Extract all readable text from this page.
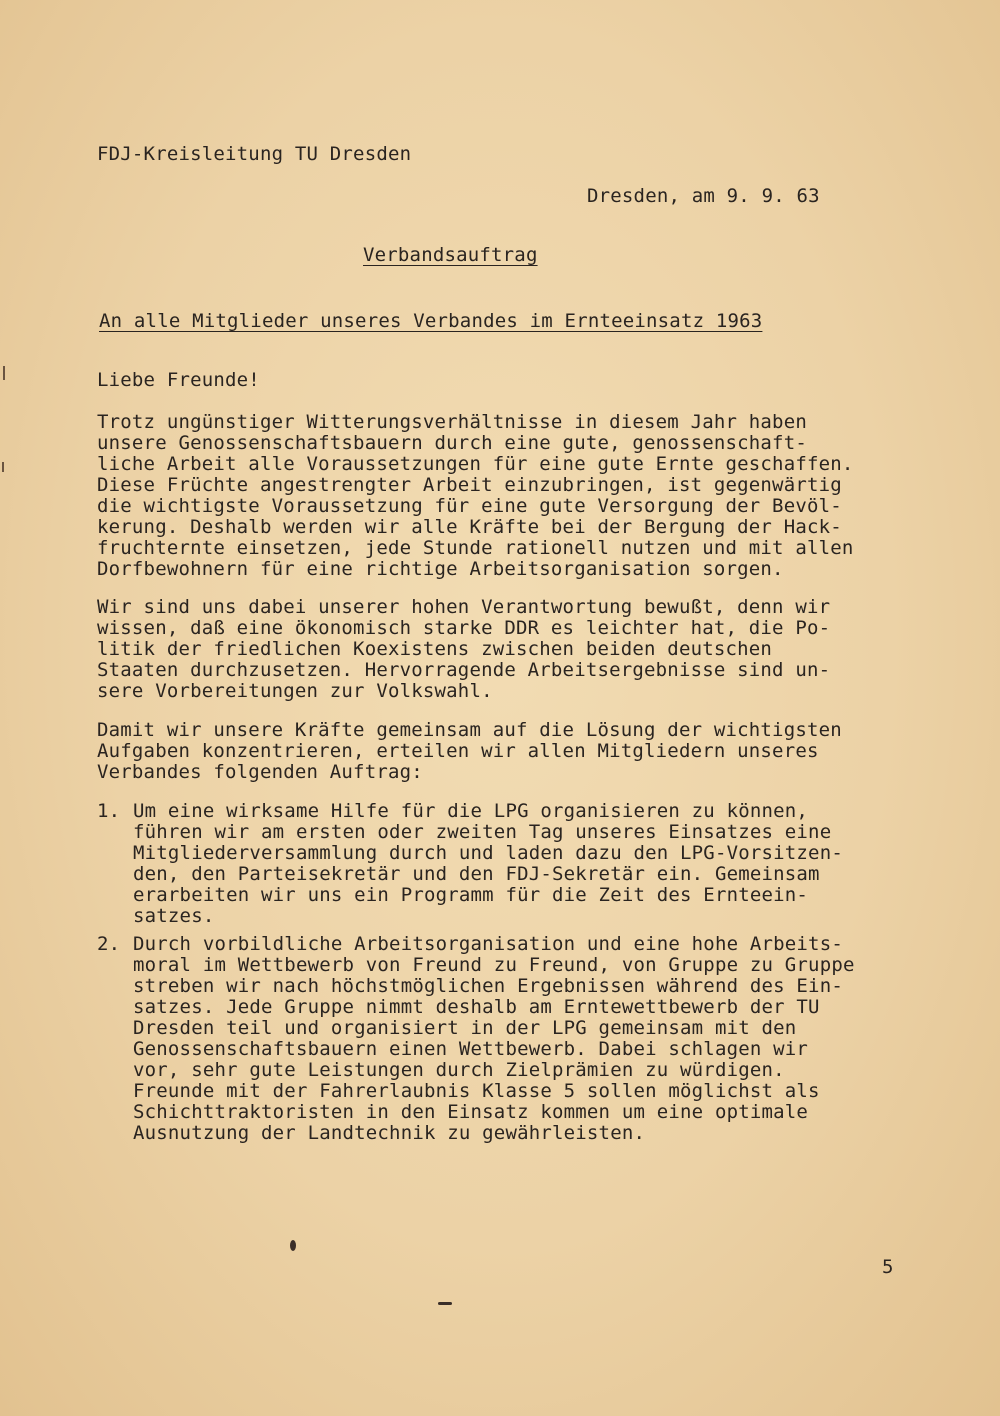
FDJ-Kreisleitung TU Dresden
Dresden, am 9. 9. 63
Verbandsauftrag
An alle Mitglieder unseres Verbandes im Ernteeinsatz 1963
Liebe Freunde!
Trotz ungünstiger Witterungsverhältnisse in diesem Jahr haben
unsere Genossenschaftsbauern durch eine gute, genossenschaft-
liche Arbeit alle Voraussetzungen für eine gute Ernte geschaffen.
Diese Früchte angestrengter Arbeit einzubringen, ist gegenwärtig
die wichtigste Voraussetzung für eine gute Versorgung der Bevöl-
kerung. Deshalb werden wir alle Kräfte bei der Bergung der Hack-
fruchternte einsetzen, jede Stunde rationell nutzen und mit allen
Dorfbewohnern für eine richtige Arbeitsorganisation sorgen.
Wir sind uns dabei unserer hohen Verantwortung bewußt, denn wir
wissen, daß eine ökonomisch starke DDR es leichter hat, die Po-
litik der friedlichen Koexistens zwischen beiden deutschen
Staaten durchzusetzen. Hervorragende Arbeitsergebnisse sind un-
sere Vorbereitungen zur Volkswahl.
Damit wir unsere Kräfte gemeinsam auf die Lösung der wichtigsten
Aufgaben konzentrieren, erteilen wir allen Mitgliedern unseres
Verbandes folgenden Auftrag:
1. Um eine wirksame Hilfe für die LPG organisieren zu können,
führen wir am ersten oder zweiten Tag unseres Einsatzes eine
Mitgliederversammlung durch und laden dazu den LPG-Vorsitzen-
den, den Parteisekretär und den FDJ-Sekretär ein. Gemeinsam
erarbeiten wir uns ein Programm für die Zeit des Ernteein-
satzes.
2. Durch vorbildliche Arbeitsorganisation und eine hohe Arbeits-
moral im Wettbewerb von Freund zu Freund, von Gruppe zu Gruppe
streben wir nach höchstmöglichen Ergebnissen während des Ein-
satzes. Jede Gruppe nimmt deshalb am Erntewettbewerb der TU
Dresden teil und organisiert in der LPG gemeinsam mit den
Genossenschaftsbauern einen Wettbewerb. Dabei schlagen wir
vor, sehr gute Leistungen durch Zielprämien zu würdigen.
Freunde mit der Fahrerlaubnis Klasse 5 sollen möglichst als
Schichttraktoristen in den Einsatz kommen um eine optimale
Ausnutzung der Landtechnik zu gewährleisten.
5
